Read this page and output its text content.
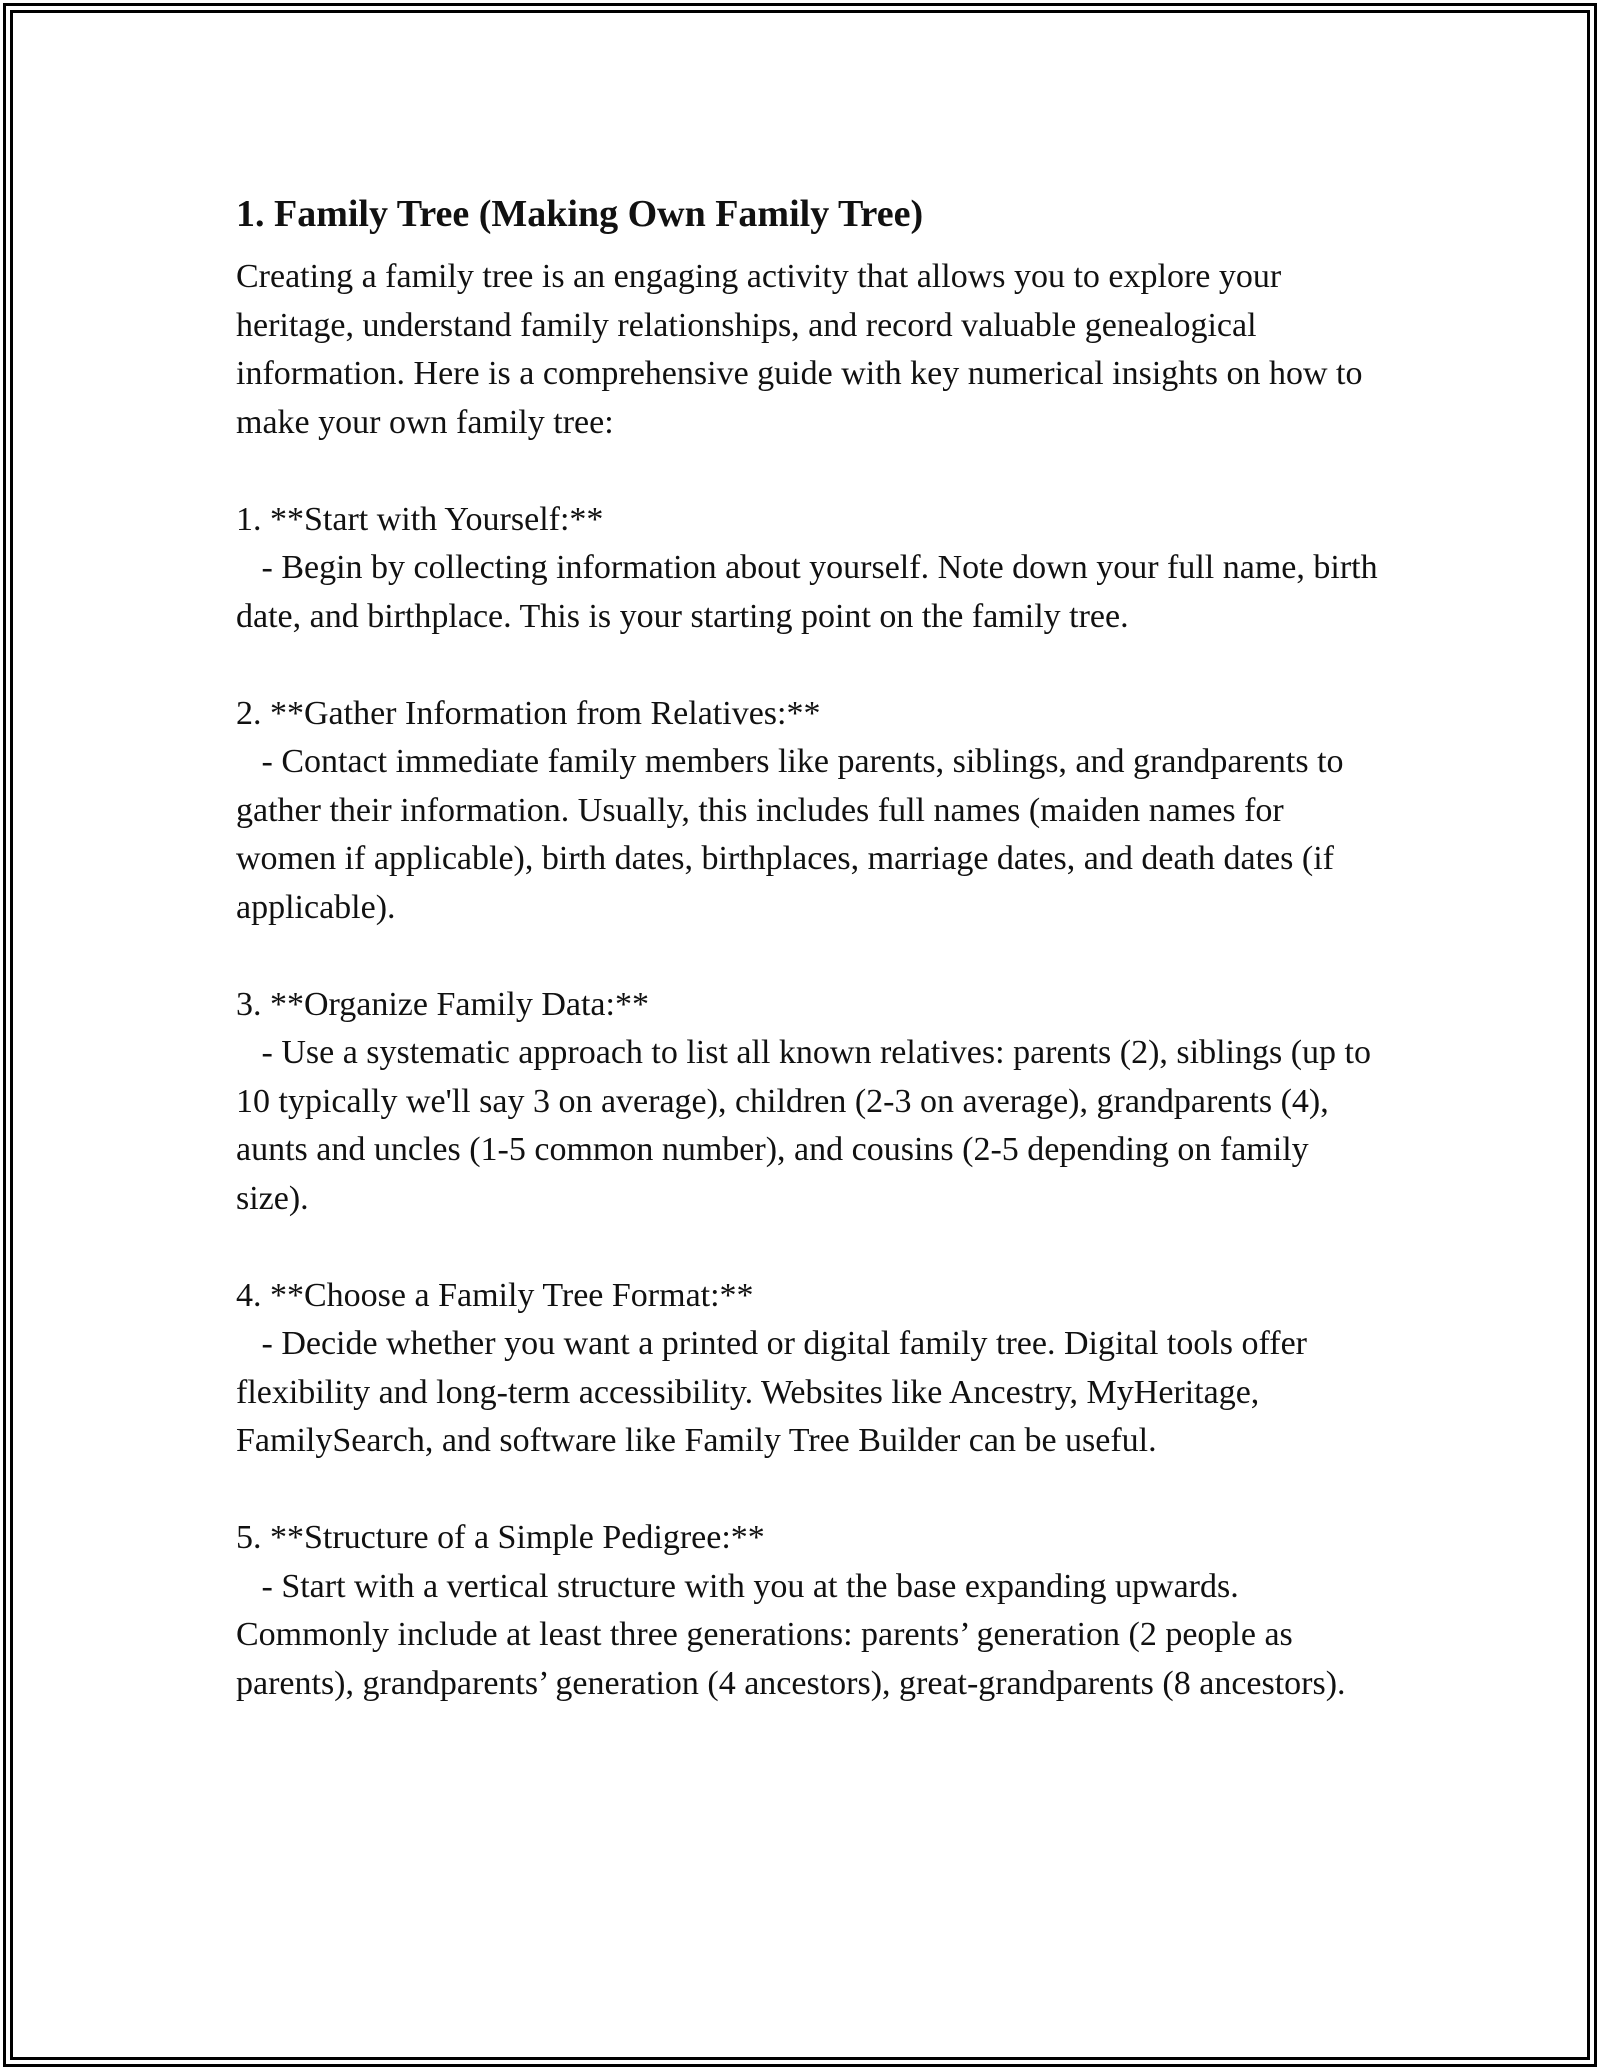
1. Family Tree (Making Own Family Tree)

Creating a family tree is an engaging activity that allows you to explore your heritage, understand family relationships, and record valuable genealogical information. Here is a comprehensive guide with key numerical insights on how to make your own family tree:

1. **Start with Yourself:**
- Begin by collecting information about yourself. Note down your full name, birth date, and birthplace. This is your starting point on the family tree.
2. **Gather Information from Relatives:**
- Contact immediate family members like parents, siblings, and grandparents to gather their information. Usually, this includes full names (maiden names for women if applicable), birth dates, birthplaces, marriage dates, and death dates (if applicable).
3. **Organize Family Data:**
- Use a systematic approach to list all known relatives: parents (2), siblings (up to 10 typically we'll say 3 on average), children (2-3 on average), grandparents (4), aunts and uncles (1-5 common number), and cousins (2-5 depending on family size).
4. **Choose a Family Tree Format:**
- Decide whether you want a printed or digital family tree. Digital tools offer flexibility and long-term accessibility. Websites like Ancestry, MyHeritage, FamilySearch, and software like Family Tree Builder can be useful.
5. **Structure of a Simple Pedigree:**
- Start with a vertical structure with you at the base expanding upwards. Commonly include at least three generations: parents’ generation (2 people as parents), grandparents’ generation (4 ancestors), great-grandparents (8 ancestors).
